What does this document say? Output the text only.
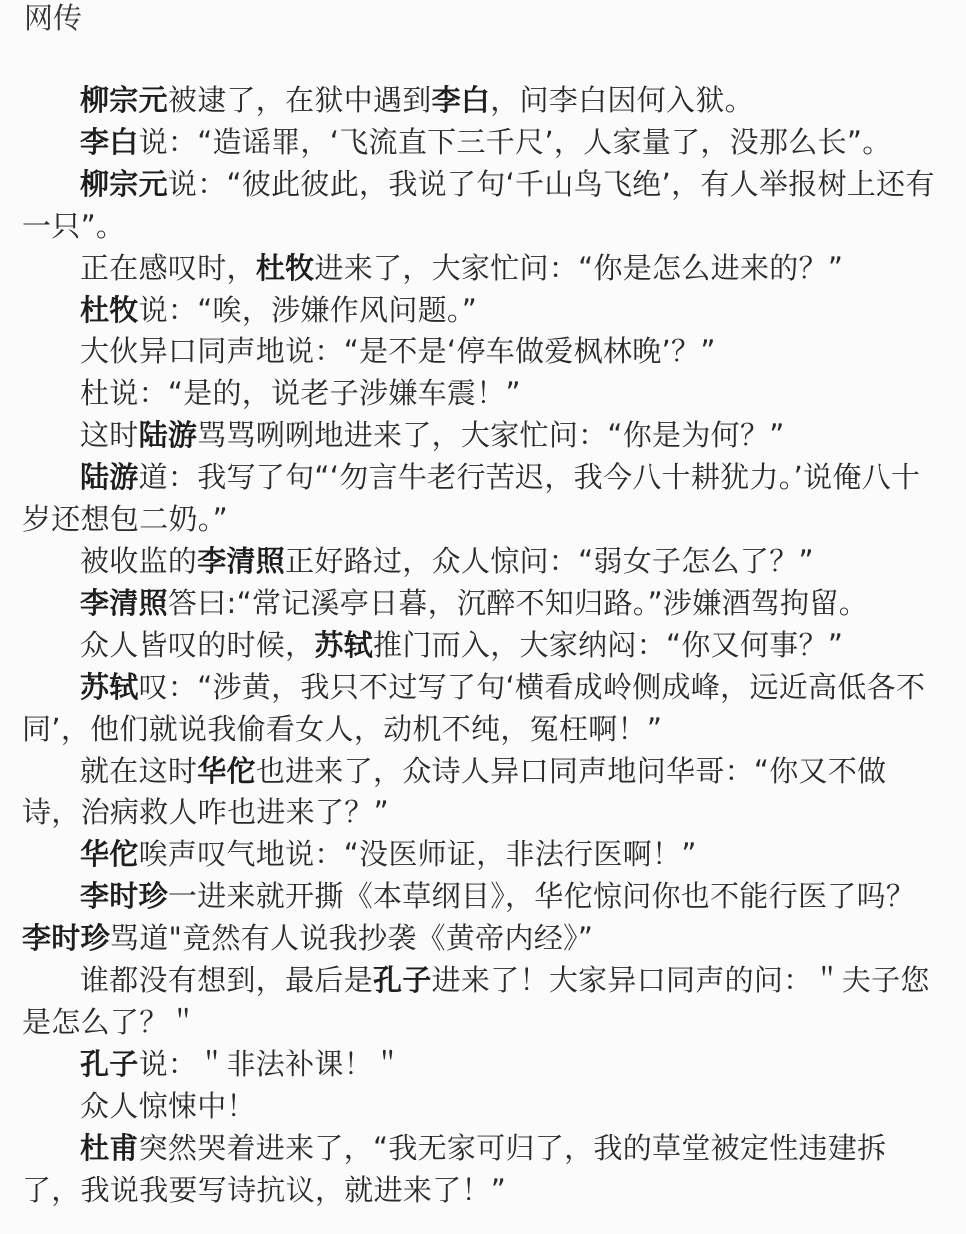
网传

柳宗元被逮了，在狱中遇到李白，问李白因何入狱。

李白说：“造谣罪，‘飞流直下三千尺’，人家量了，没那么长”。

柳宗元说：“彼此彼此，我说了句‘千山鸟飞绝’，有人举报树上还有一只”。

正在感叹时，杜牧进来了，大家忙问：“你是怎么进来的？”

杜牧说：“唉，涉嫌作风问题。”

大伙异口同声地说：“是不是‘停车做爱枫林晚’？”

杜说：“是的，说老子涉嫌车震！”

这时陆游骂骂咧咧地进来了，大家忙问：“你是为何？”

陆游道：我写了句“‘勿言牛老行苦迟，我今八十耕犹力。’说俺八十岁还想包二奶。”

被收监的李清照正好路过，众人惊问：“弱女子怎么了？”

李清照答曰:“常记溪亭日暮，沉醉不知归路。”涉嫌酒驾拘留。

众人皆叹的时候，苏轼推门而入，大家纳闷：“你又何事？”

苏轼叹：“涉黄，我只不过写了句‘横看成岭侧成峰，远近高低各不同’，他们就说我偷看女人，动机不纯，冤枉啊！”

就在这时华佗也进来了，众诗人异口同声地问华哥：“你又不做诗，治病救人咋也进来了？”

华佗唉声叹气地说：“没医师证，非法行医啊！”

李时珍一进来就开撕《本草纲目》，华佗惊问你也不能行医了吗？李时珍骂道"竟然有人说我抄袭《黄帝内经》”

谁都没有想到，最后是孔子进来了！大家异口同声的问：＂夫子您是怎么了？＂

孔子说：＂非法补课！＂

众人惊悚中！

杜甫突然哭着进来了，“我无家可归了，我的草堂被定性违建拆了，我说我要写诗抗议，就进来了！”
